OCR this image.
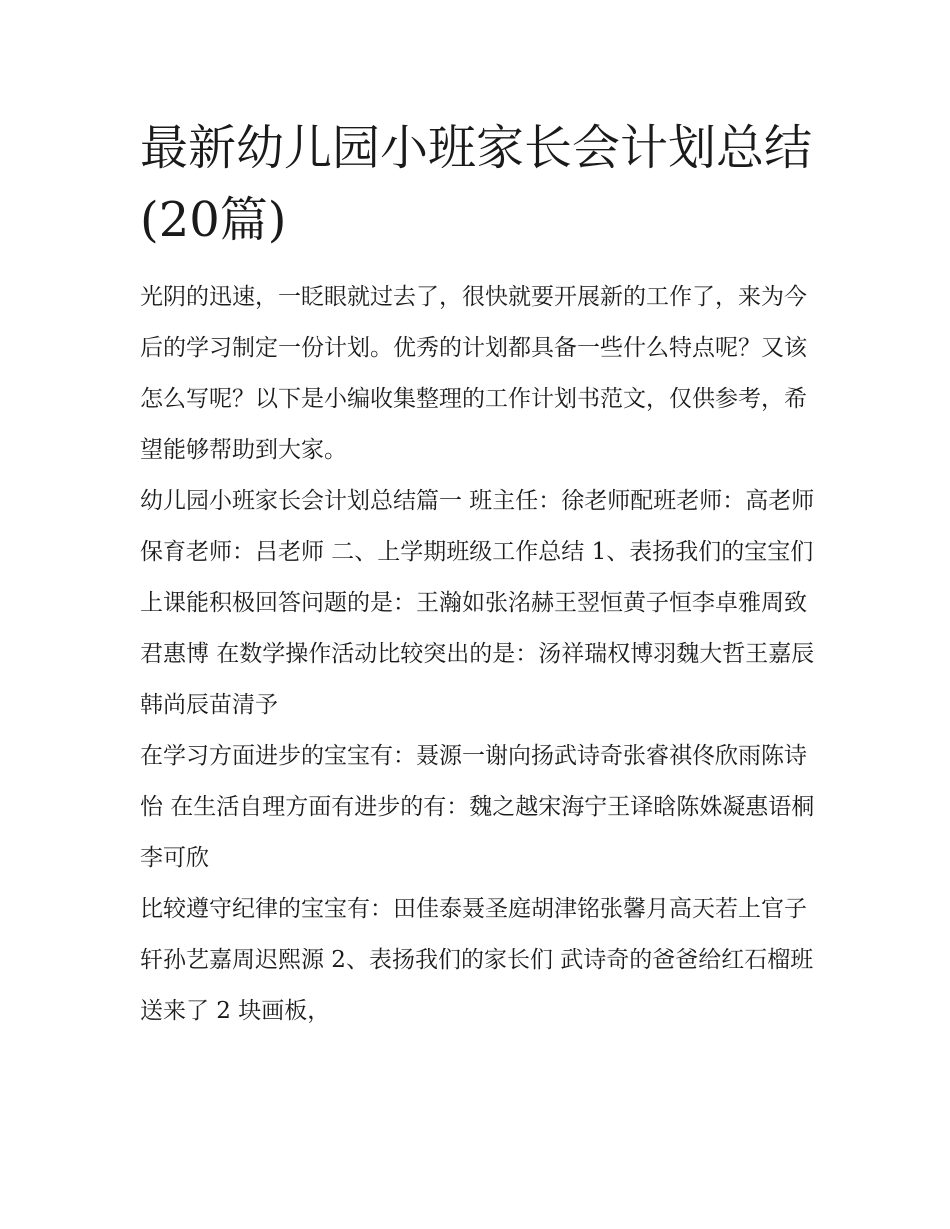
最新幼儿园小班家长会计划总结(20篇)

光阴的迅速，一眨眼就过去了，很快就要开展新的工作了，来为今后的学习制定一份计划。优秀的计划都具备一些什么特点呢？又该怎么写呢？以下是小编收集整理的工作计划书范文，仅供参考，希望能够帮助到大家。

幼儿园小班家长会计划总结篇一 班主任：徐老师配班老师：高老师保育老师：吕老师 二、上学期班级工作总结 1、表扬我们的宝宝们

上课能积极回答问题的是：王瀚如张洺赫王翌恒黄子恒李卓雅周致君惠博 在数学操作活动比较突出的是：汤祥瑞权博羽魏大哲王嘉辰韩尚辰苗清予

在学习方面进步的宝宝有：聂源一谢向扬武诗奇张睿祺佟欣雨陈诗怡 在生活自理方面有进步的有：魏之越宋海宁王译晗陈姝凝惠语桐李可欣

比较遵守纪律的宝宝有：田佳泰聂圣庭胡津铭张馨月高天若上官子轩孙艺嘉周迟熙源 2、表扬我们的家长们 武诗奇的爸爸给红石榴班送来了 2 块画板，
